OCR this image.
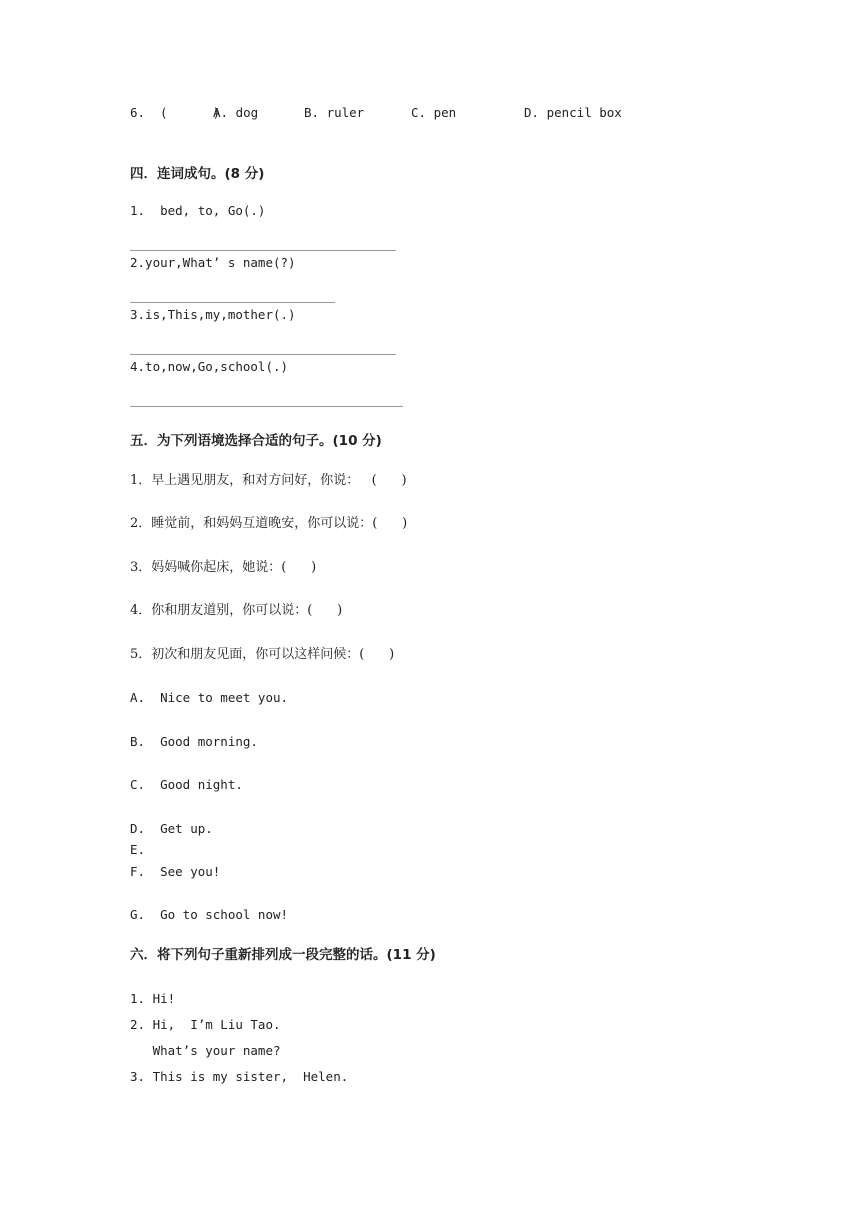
6. (      )
A. dog	B. ruler	C. pen	D. pencil box
四．连词成句。(8 分)
1.  bed, to, Go(.)
2.your,What’ s name(?)
3.is,This,my,mother(.)
4.to,now,Go,school(.)
五．为下列语境选择合适的句子。(10 分)
1．早上遇见朋友，和对方问好，你说：   (      )
2．睡觉前，和妈妈互道晚安，你可以说：(      )
3．妈妈喊你起床，她说：(      )
4．你和朋友道别，你可以说：(      )
5．初次和朋友见面，你可以这样问候：(      )
A.  Nice to meet you.
B.  Good morning.
C.  Good night.
D.  Get up.
E.
F.  See you!
G.  Go to school now!
六．将下列句子重新排列成一段完整的话。(11 分)
1. Hi!
2. Hi,  I’m Liu Tao.
What’s your name?
3. This is my sister,  Helen.
